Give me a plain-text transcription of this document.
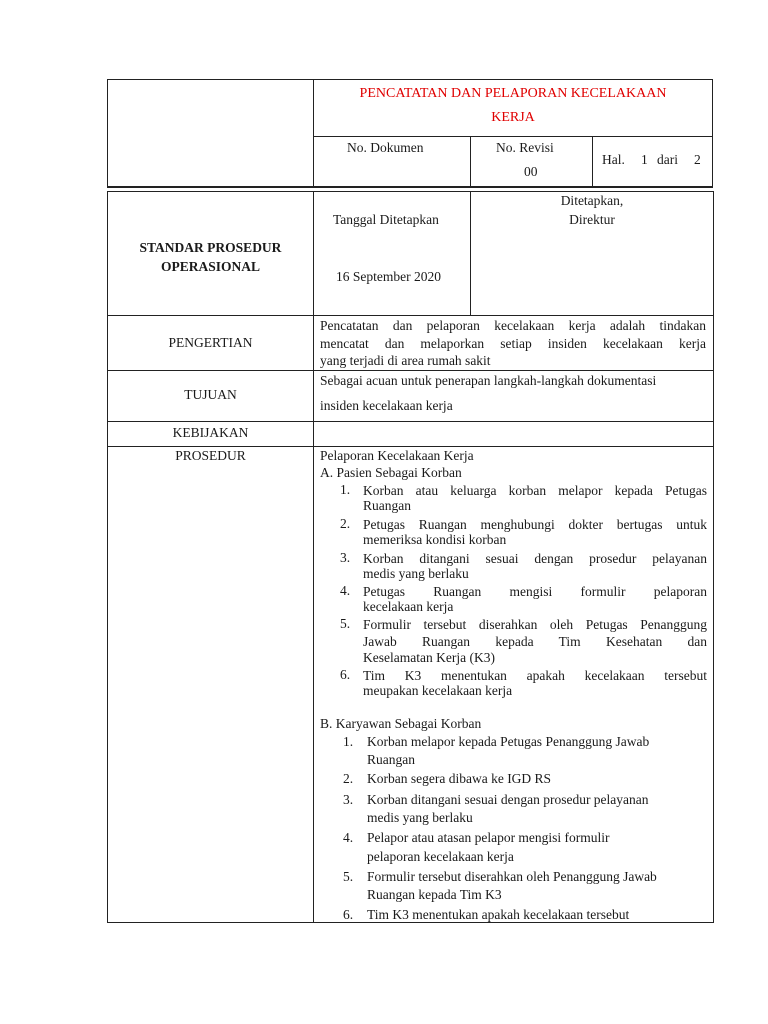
PENCATATAN DAN PELAPORAN KECELAKAAN
KERJA
No. Dokumen	No. Revisi
00
Hal. 1 dari 2
STANDAR PROSEDUR
OPERASIONAL
Tanggal Ditetapkan
16 September 2020
Ditetapkan,
Direktur
PENGERTIAN
Pencatatan dan pelaporan kecelakaan kerja adalah tindakan
mencatat dan melaporkan setiap insiden kecelakaan kerja
yang terjadi di area rumah sakit
TUJUAN
Sebagai acuan untuk penerapan langkah-langkah dokumentasi
insiden kecelakaan kerja
KEBIJAKAN
PROSEDUR	Pelaporan Kecelakaan Kerja
A. Pasien Sebagai Korban
1. Korban atau keluarga korban melapor kepada Petugas
Ruangan
2. Petugas Ruangan menghubungi dokter bertugas untuk
memeriksa kondisi korban
3. Korban ditangani sesuai dengan prosedur pelayanan
medis yang berlaku
4. Petugas Ruangan mengisi formulir pelaporan
kecelakaan kerja
5. Formulir tersebut diserahkan oleh Petugas Penanggung
Jawab Ruangan kepada Tim Kesehatan dan
Keselamatan Kerja (K3)
6. Tim K3 menentukan apakah kecelakaan tersebut
meupakan kecelakaan kerja
B. Karyawan Sebagai Korban
1. Korban melapor kepada Petugas Penanggung Jawab
Ruangan
2. Korban segera dibawa ke IGD RS
3. Korban ditangani sesuai dengan prosedur pelayanan
medis yang berlaku
4. Pelapor atau atasan pelapor mengisi formulir
pelaporan kecelakaan kerja
5. Formulir tersebut diserahkan oleh Penanggung Jawab
Ruangan kepada Tim K3
6. Tim K3 menentukan apakah kecelakaan tersebut
